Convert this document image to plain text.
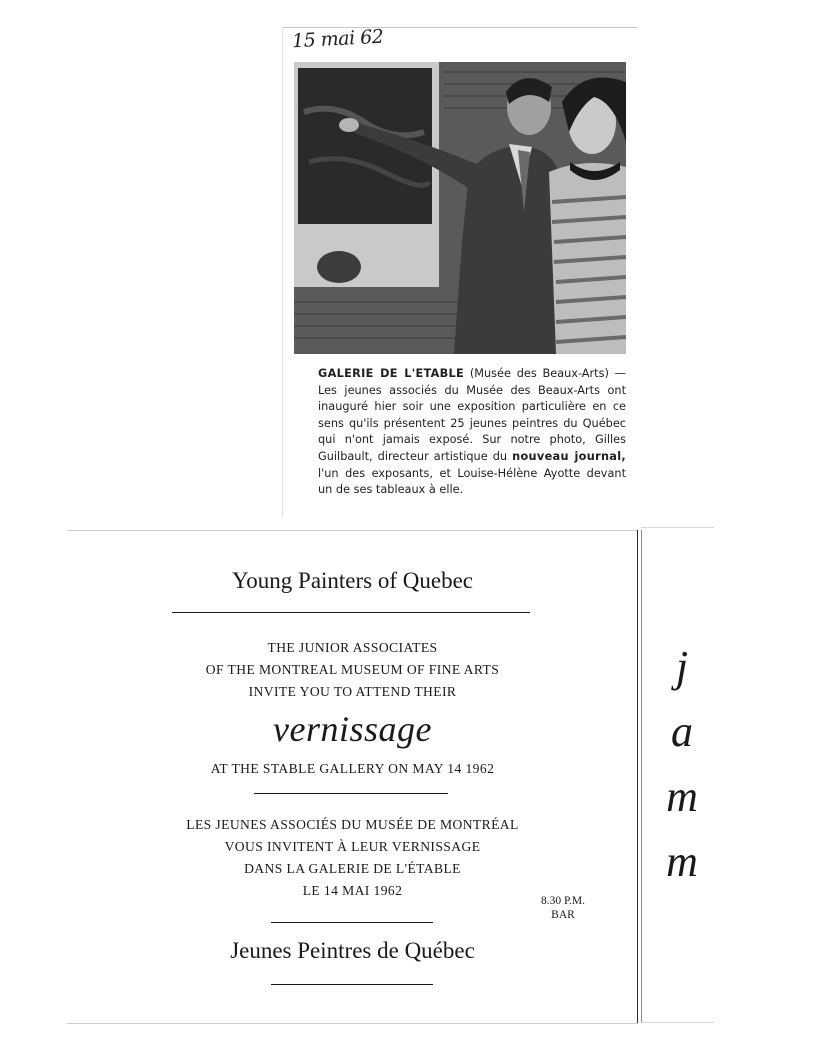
15 mai 62
GALERIE DE L'ETABLE (Musée des Beaux-Arts) — Les jeunes associés du Musée des Beaux-Arts ont inauguré hier soir une exposition particulière en ce sens qu'ils présentent 25 jeunes peintres du Québec qui n'ont jamais exposé. Sur notre photo, Gilles Guilbault, directeur artistique du nouveau journal, l'un des exposants, et Louise-Hélène Ayotte devant un de ses tableaux à elle.
Young Painters of Quebec
THE JUNIOR ASSOCIATES
OF THE MONTREAL MUSEUM OF FINE ARTS
INVITE YOU TO ATTEND THEIR
vernissage
AT THE STABLE GALLERY ON MAY 14 1962
LES JEUNES ASSOCIÉS DU MUSÉE DE MONTRÉAL
VOUS INVITENT À LEUR VERNISSAGE
DANS LA GALERIE DE L'ÉTABLE
LE 14 MAI 1962
8.30 P.M.
BAR
Jeunes Peintres de Québec
j
a
m
m
